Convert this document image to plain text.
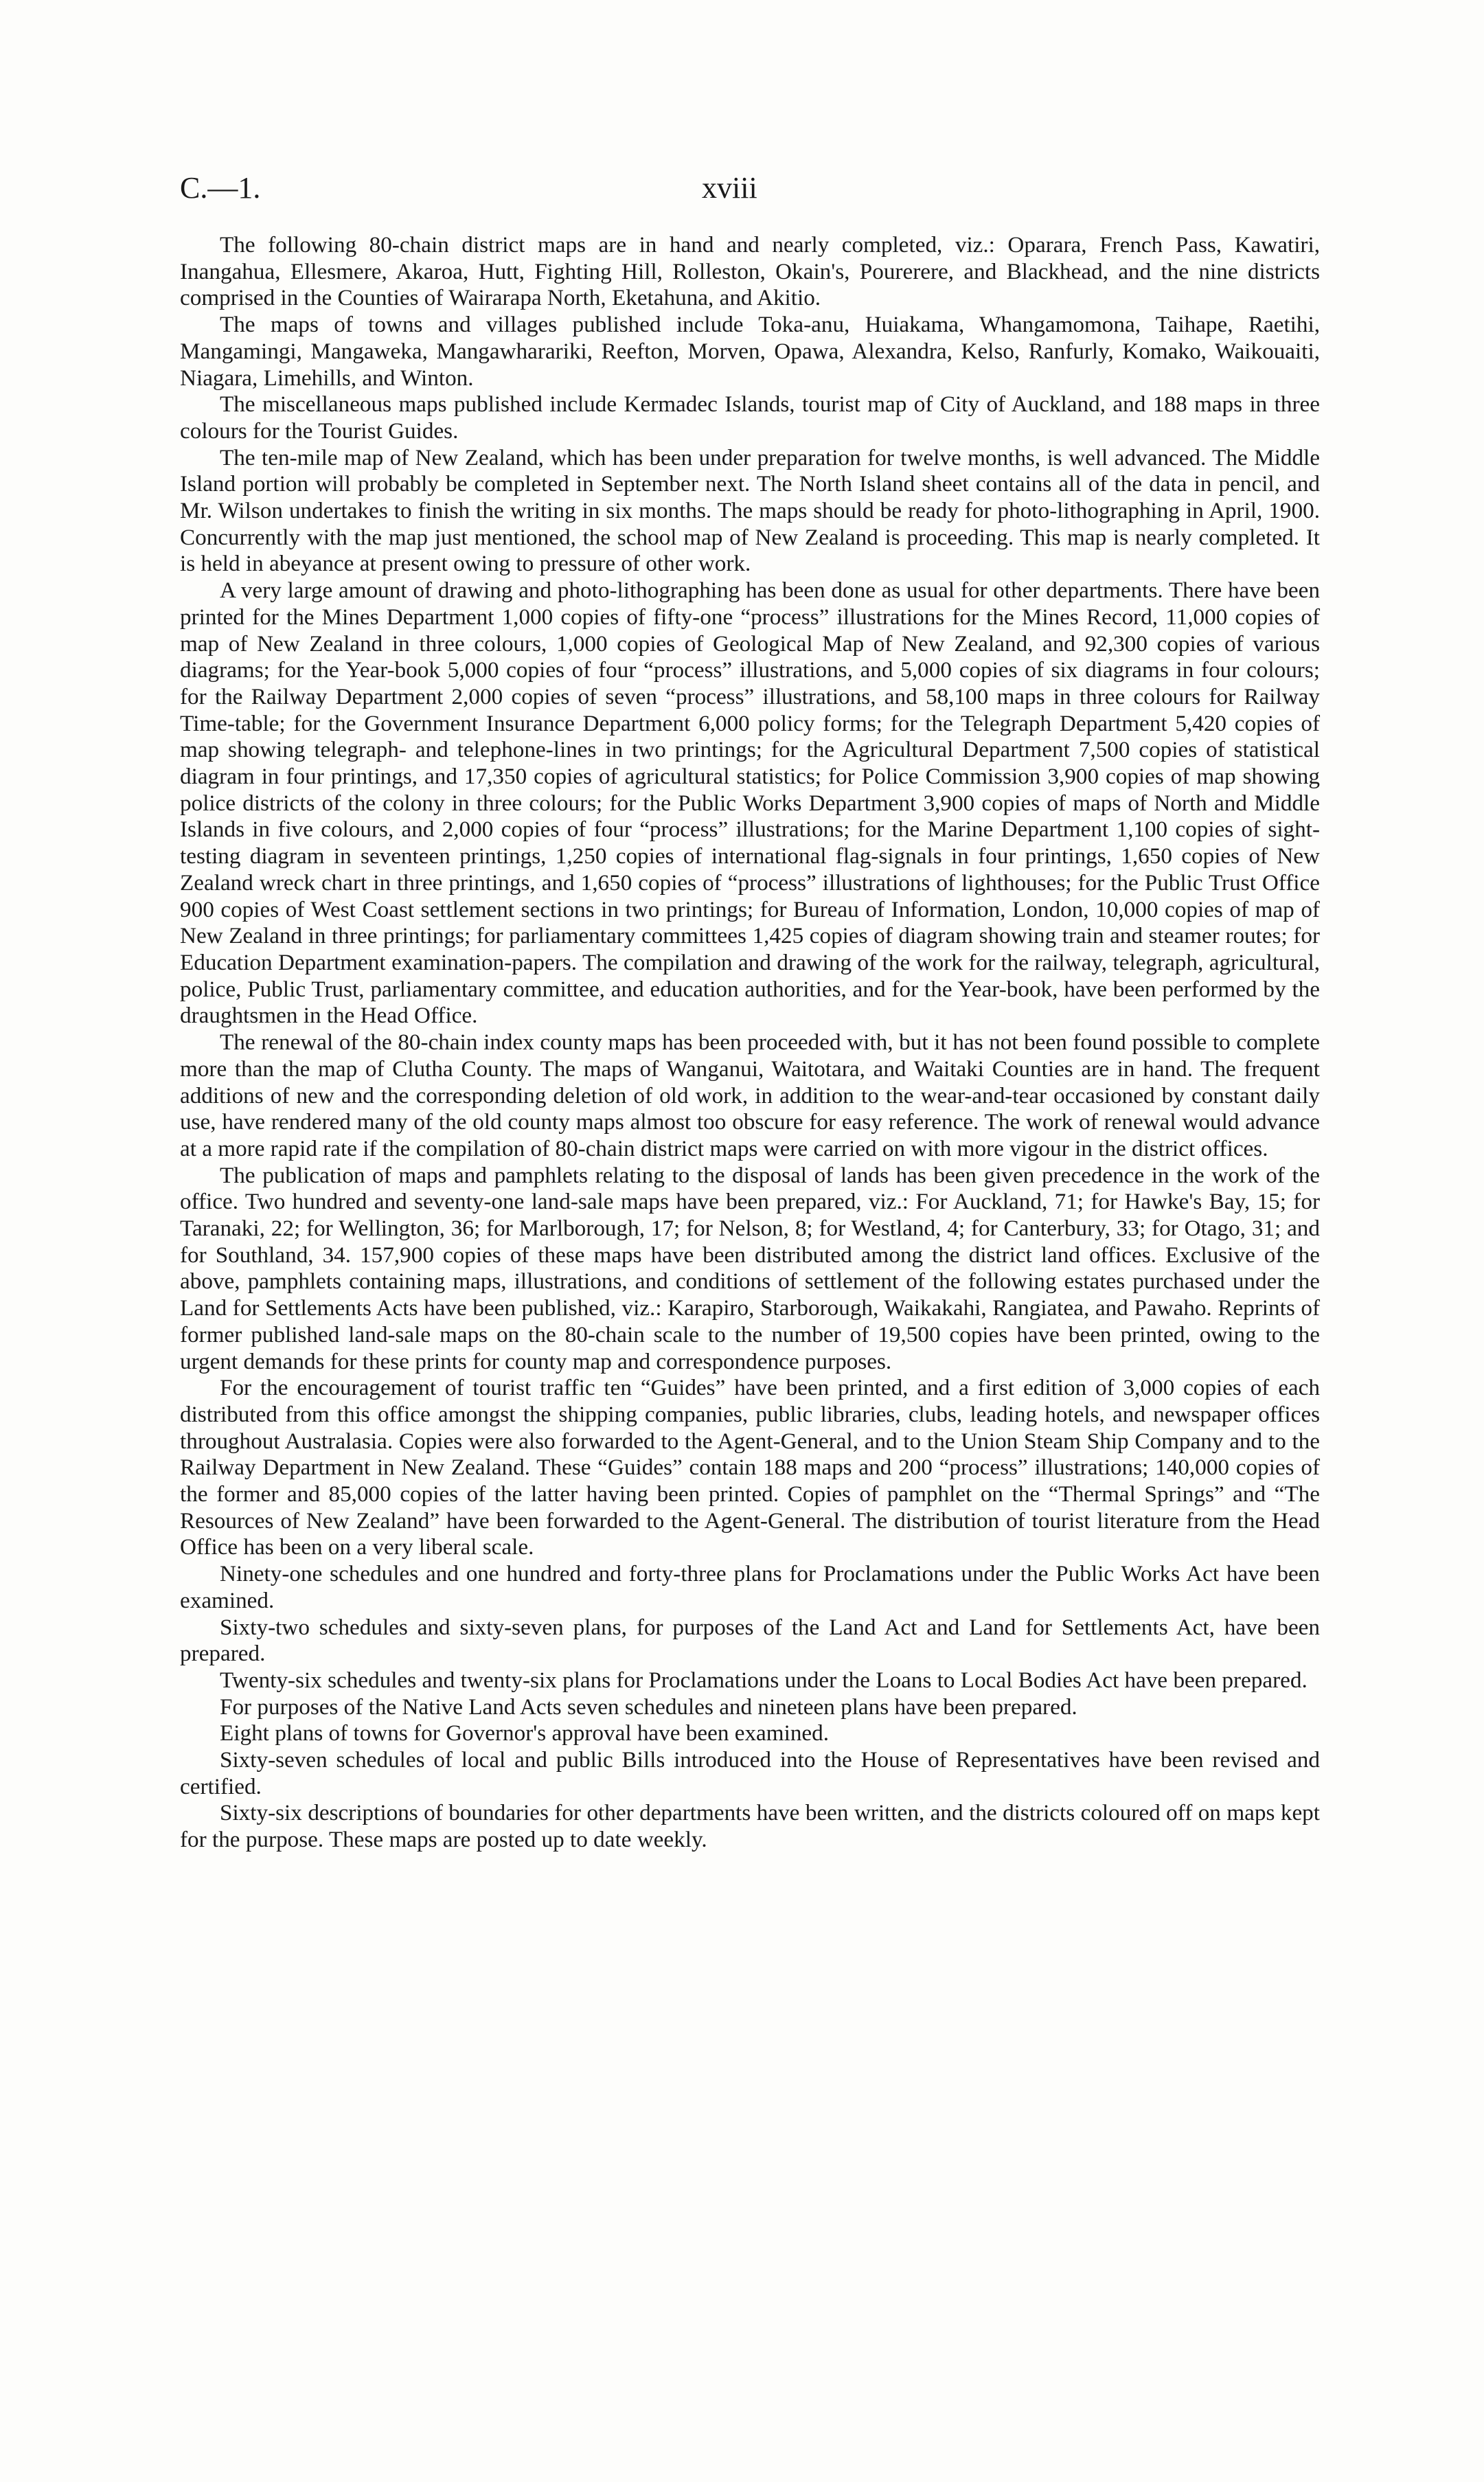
C.—1.	xviii

The following 80-chain district maps are in hand and nearly completed, viz.: Oparara, French Pass, Kawatiri, Inangahua, Ellesmere, Akaroa, Hutt, Fighting Hill, Rolleston, Okain's, Pourerere, and Blackhead, and the nine districts comprised in the Counties of Wairarapa North, Eketahuna, and Akitio.

The maps of towns and villages published include Toka-anu, Huiakama, Whangamomona, Taihape, Raetihi, Mangamingi, Mangaweka, Mangawhararіki, Reefton, Morven, Opawa, Alexandra, Kelso, Ranfurly, Komako, Waikouaiti, Niagara, Limehills, and Winton.

The miscellaneous maps published include Kermadec Islands, tourist map of City of Auckland, and 188 maps in three colours for the Tourist Guides.

The ten-mile map of New Zealand, which has been under preparation for twelve months, is well advanced. The Middle Island portion will probably be completed in September next. The North Island sheet contains all of the data in pencil, and Mr. Wilson undertakes to finish the writing in six months. The maps should be ready for photo-lithographing in April, 1900. Concurrently with the map just mentioned, the school map of New Zealand is proceeding. This map is nearly completed. It is held in abeyance at present owing to pressure of other work.

A very large amount of drawing and photo-lithographing has been done as usual for other departments. There have been printed for the Mines Department 1,000 copies of fifty-one “process” illustrations for the Mines Record, 11,000 copies of map of New Zealand in three colours, 1,000 copies of Geological Map of New Zealand, and 92,300 copies of various diagrams; for the Year-book 5,000 copies of four “process” illustrations, and 5,000 copies of six diagrams in four colours; for the Railway Department 2,000 copies of seven “process” illustrations, and 58,100 maps in three colours for Railway Time-table; for the Government Insurance Department 6,000 policy forms; for the Telegraph Department 5,420 copies of map showing telegraph- and telephone-lines in two printings; for the Agricultural Department 7,500 copies of statistical diagram in four printings, and 17,350 copies of agricultural statistics; for Police Commission 3,900 copies of map showing police districts of the colony in three colours; for the Public Works Department 3,900 copies of maps of North and Middle Islands in five colours, and 2,000 copies of four “process” illustrations; for the Marine Department 1,100 copies of sight-testing diagram in seventeen printings, 1,250 copies of international flag-signals in four printings, 1,650 copies of New Zealand wreck chart in three printings, and 1,650 copies of “process” illustrations of lighthouses; for the Public Trust Office 900 copies of West Coast settlement sections in two printings; for Bureau of Information, London, 10,000 copies of map of New Zealand in three printings; for parliamentary committees 1,425 copies of diagram showing train and steamer routes; for Education Department examination-papers. The compilation and drawing of the work for the railway, telegraph, agricultural, police, Public Trust, parliamentary committee, and education authorities, and for the Year-book, have been performed by the draughtsmen in the Head Office.

The renewal of the 80-chain index county maps has been proceeded with, but it has not been found possible to complete more than the map of Clutha County. The maps of Wanganui, Waitotara, and Waitaki Counties are in hand. The frequent additions of new and the corresponding deletion of old work, in addition to the wear-and-tear occasioned by constant daily use, have rendered many of the old county maps almost too obscure for easy reference. The work of renewal would advance at a more rapid rate if the compilation of 80-chain district maps were carried on with more vigour in the district offices.

The publication of maps and pamphlets relating to the disposal of lands has been given precedence in the work of the office. Two hundred and seventy-one land-sale maps have been prepared, viz.: For Auckland, 71; for Hawke's Bay, 15; for Taranaki, 22; for Wellington, 36; for Marlborough, 17; for Nelson, 8; for Westland, 4; for Canterbury, 33; for Otago, 31; and for Southland, 34. 157,900 copies of these maps have been distributed among the district land offices. Exclusive of the above, pamphlets containing maps, illustrations, and conditions of settlement of the following estates purchased under the Land for Settlements Acts have been published, viz.: Karapiro, Starborough, Waikakahi, Rangiatea, and Pawaho. Reprints of former published land-sale maps on the 80-chain scale to the number of 19,500 copies have been printed, owing to the urgent demands for these prints for county map and correspondence purposes.

For the encouragement of tourist traffic ten “Guides” have been printed, and a first edition of 3,000 copies of each distributed from this office amongst the shipping companies, public libraries, clubs, leading hotels, and newspaper offices throughout Australasia. Copies were also forwarded to the Agent-General, and to the Union Steam Ship Company and to the Railway Department in New Zealand. These “Guides” contain 188 maps and 200 “process” illustrations; 140,000 copies of the former and 85,000 copies of the latter having been printed. Copies of pamphlet on the “Thermal Springs” and “The Resources of New Zealand” have been forwarded to the Agent-General. The distribution of tourist literature from the Head Office has been on a very liberal scale.

Ninety-one schedules and one hundred and forty-three plans for Proclamations under the Public Works Act have been examined.

Sixty-two schedules and sixty-seven plans, for purposes of the Land Act and Land for Settlements Act, have been prepared.

Twenty-six schedules and twenty-six plans for Proclamations under the Loans to Local Bodies Act have been prepared.

For purposes of the Native Land Acts seven schedules and nineteen plans have been prepared.

Eight plans of towns for Governor's approval have been examined.

Sixty-seven schedules of local and public Bills introduced into the House of Representatives have been revised and certified.

Sixty-six descriptions of boundaries for other departments have been written, and the districts coloured off on maps kept for the purpose. These maps are posted up to date weekly.
